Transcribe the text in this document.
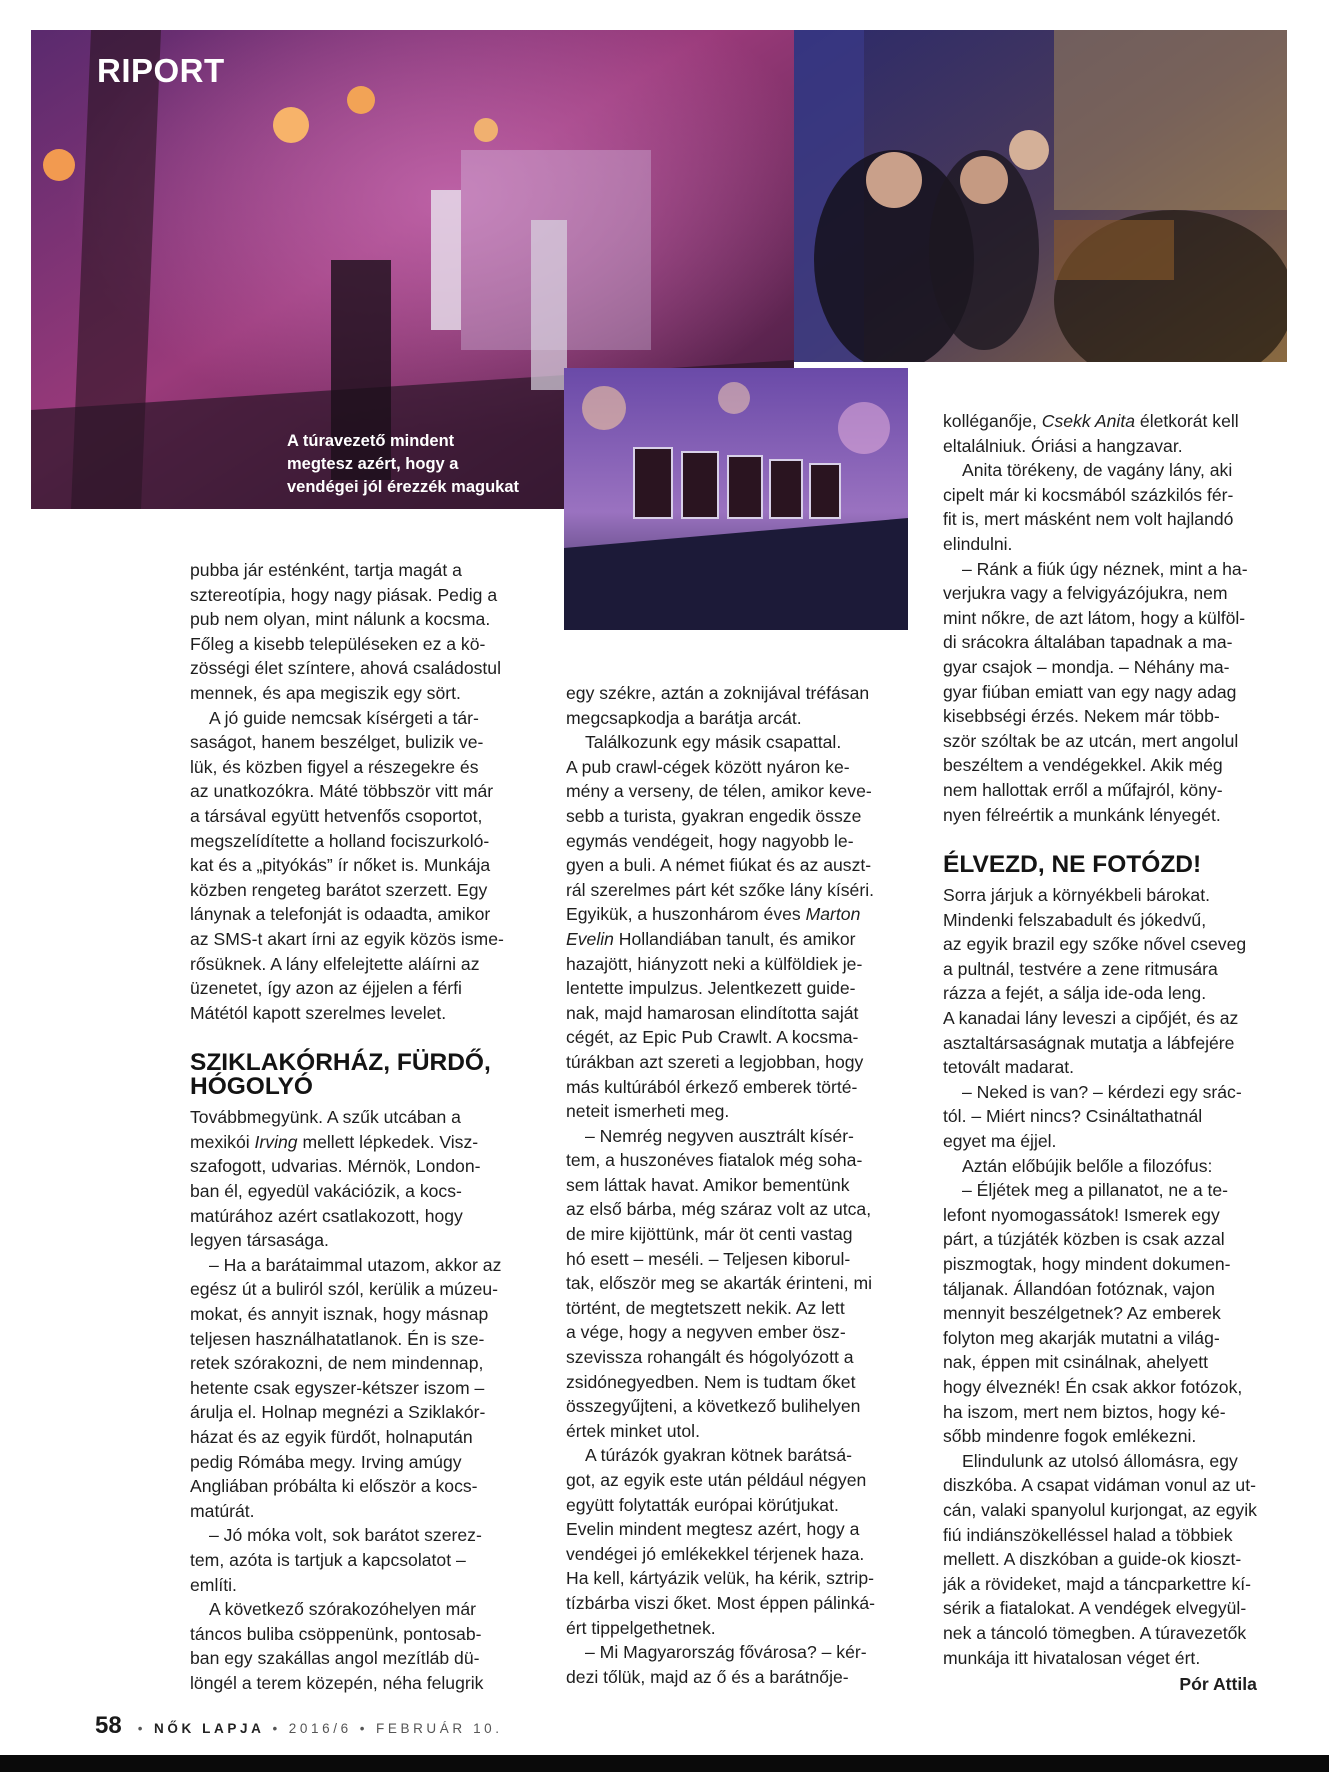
RIPORT
A túravezető mindent
megtesz azért, hogy a
vendégei jól érezzék magukat

pubba jár esténként, tartja magát a
sztereotípia, hogy nagy piásak. Pedig a
pub nem olyan, mint nálunk a kocsma.
Főleg a kisebb településeken ez a kö-
zösségi élet színtere, ahová családostul
mennek, és apa megiszik egy sört.

A jó guide nemcsak kísérgeti a tár-
saságot, hanem beszélget, bulizik ve-
lük, és közben figyel a részegekre és
az unatkozókra. Máté többször vitt már
a társával együtt hetvenfős csoportot,
megszelídítette a holland fociszurkoló-
kat és a „pityókás” ír nőket is. Munkája
közben rengeteg barátot szerzett. Egy
lánynak a telefonját is odaadta, amikor
az SMS-t akart írni az egyik közös isme-
rősüknek. A lány elfelejtette aláírni az
üzenetet, így azon az éjjelen a férfi
Mátétól kapott szerelmes levelet.

SZIKLAKÓRHÁZ, FÜRDŐ,
HÓGOLYÓ

Továbbmegyünk. A szűk utcában a
mexikói Irving mellett lépkedek. Visz-
szafogott, udvarias. Mérnök, London-
ban él, egyedül vakációzik, a kocs-
matúrához azért csatlakozott, hogy
legyen társasága.

– Ha a barátaimmal utazom, akkor az
egész út a buliról szól, kerülik a múzeu-
mokat, és annyit isznak, hogy másnap
teljesen használhatatlanok. Én is sze-
retek szórakozni, de nem mindennap,
hetente csak egyszer-kétszer iszom –
árulja el. Holnap megnézi a Sziklakór-
házat és az egyik fürdőt, holnapután
pedig Rómába megy. Irving amúgy
Angliában próbálta ki először a kocs-
matúrát.

– Jó móka volt, sok barátot szerez-
tem, azóta is tartjuk a kapcsolatot –
említi.

A következő szórakozóhelyen már
táncos buliba csöppenünk, pontosab-
ban egy szakállas angol mezítláb dü-
löngél a terem közepén, néha felugrik

egy székre, aztán a zoknijával tréfásan
megcsapkodja a barátja arcát.

Találkozunk egy másik csapattal.
A pub crawl-cégek között nyáron ke-
mény a verseny, de télen, amikor keve-
sebb a turista, gyakran engedik össze
egymás vendégeit, hogy nagyobb le-
gyen a buli. A német fiúkat és az auszt-
rál szerelmes párt két szőke lány kíséri.
Egyikük, a huszonhárom éves Marton
Evelin Hollandiában tanult, és amikor
hazajött, hiányzott neki a külföldiek je-
lentette impulzus. Jelentkezett guide-
nak, majd hamarosan elindította saját
cégét, az Epic Pub Crawlt. A kocsma-
túrákban azt szereti a legjobban, hogy
más kultúrából érkező emberek törté-
neteit ismerheti meg.

– Nemrég negyven ausztrált kísér-
tem, a huszonéves fiatalok még soha-
sem láttak havat. Amikor bementünk
az első bárba, még száraz volt az utca,
de mire kijöttünk, már öt centi vastag
hó esett – meséli. – Teljesen kiborul-
tak, először meg se akarták érinteni, mi
történt, de megtetszett nekik. Az lett
a vége, hogy a negyven ember ösz-
szevissza rohangált és hógolyózott a
zsidónegyedben. Nem is tudtam őket
összegyűjteni, a következő bulihelyen
értek minket utol.

A túrázók gyakran kötnek barátsá-
got, az egyik este után például négyen
együtt folytatták európai körútjukat.
Evelin mindent megtesz azért, hogy a
vendégei jó emlékekkel térjenek haza.
Ha kell, kártyázik velük, ha kérik, sztrip-
tízbárba viszi őket. Most éppen pálinká-
ért tippelgethetnek.

– Mi Magyarország fővárosa? – kér-
dezi tőlük, majd az ő és a barátnője-

kolléganője, Csekk Anita életkorát kell
eltalálniuk. Óriási a hangzavar.

Anita törékeny, de vagány lány, aki
cipelt már ki kocsmából százkilós fér-
fit is, mert másként nem volt hajlandó
elindulni.

– Ránk a fiúk úgy néznek, mint a ha-
verjukra vagy a felvigyázójukra, nem
mint nőkre, de azt látom, hogy a külföl-
di srácokra általában tapadnak a ma-
gyar csajok – mondja. – Néhány ma-
gyar fiúban emiatt van egy nagy adag
kisebbségi érzés. Nekem már több-
ször szóltak be az utcán, mert angolul
beszéltem a vendégekkel. Akik még
nem hallottak erről a műfajról, köny-
nyen félreértik a munkánk lényegét.

ÉLVEZD, NE FOTÓZD!

Sorra járjuk a környékbeli bárokat.
Mindenki felszabadult és jókedvű,
az egyik brazil egy szőke nővel cseveg
a pultnál, testvére a zene ritmusára
rázza a fejét, a sálja ide-oda leng.
A kanadai lány leveszi a cipőjét, és az
asztaltársaságnak mutatja a lábfejére
tetovált madarat.

– Neked is van? – kérdezi egy srác-
tól. – Miért nincs? Csináltathatnál
egyet ma éjjel.

Aztán előbújik belőle a filozófus:

– Éljétek meg a pillanatot, ne a te-
lefont nyomogassátok! Ismerek egy
párt, a túzjáték közben is csak azzal
piszmogtak, hogy mindent dokumen-
táljanak. Állandóan fotóznak, vajon
mennyit beszélgetnek? Az emberek
folyton meg akarják mutatni a világ-
nak, éppen mit csinálnak, ahelyett
hogy élveznék! Én csak akkor fotózok,
ha iszom, mert nem biztos, hogy ké-
sőbb mindenre fogok emlékezni.

Elindulunk az utolsó állomásra, egy
diszkóba. A csapat vidáman vonul az ut-
cán, valaki spanyolul kurjongat, az egyik
fiú indiánszökelléssel halad a többiek
mellett. A diszkóban a guide-ok kioszt-
ják a rövideket, majd a táncparkettre kí-
sérik a fiatalokat. A vendégek elvegyül-
nek a táncoló tömegben. A túravezetők
munkája itt hivatalosan véget ért.

Pór Attila

58 • NŐK LAPJA • 2016/6 • FEBRUÁR 10.
